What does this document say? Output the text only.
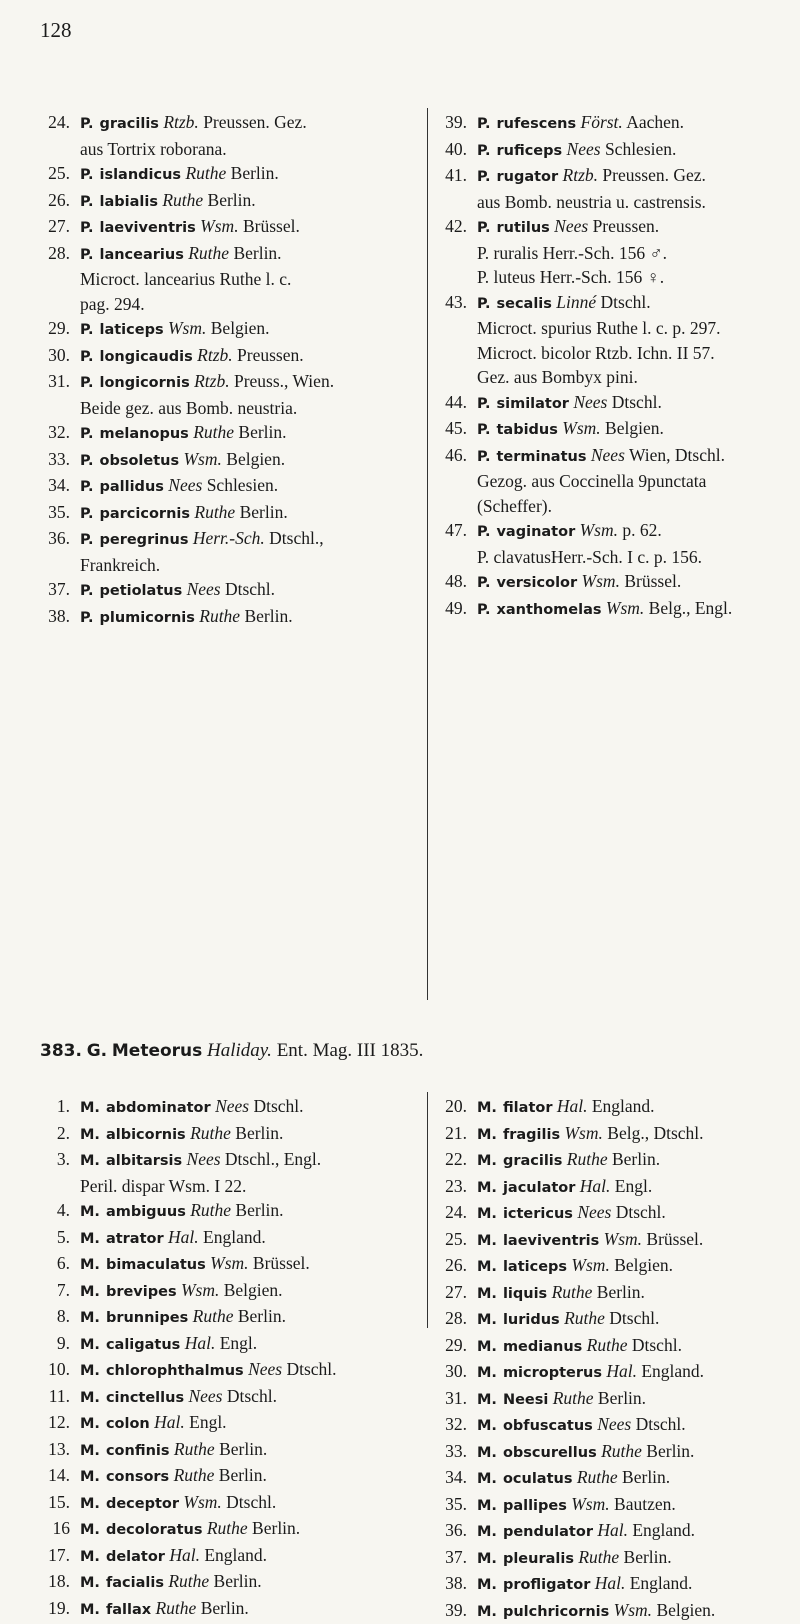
128
24. P. gracilis Rtzb. Preussen. Gez.
aus Tortrix roborana.
25. P. islandicus Ruthe Berlin.
26. P. labialis Ruthe Berlin.
27. P. laeviventris Wsm. Brüssel.
28. P. lancearius Ruthe Berlin.
Microct. lancearius Ruthe l. c.
pag. 294.
29. P. laticeps Wsm. Belgien.
30. P. longicaudis Rtzb. Preussen.
31. P. longicornis Rtzb. Preuss., Wien.
Beide gez. aus Bomb. neustria.
32. P. melanopus Ruthe Berlin.
33. P. obsoletus Wsm. Belgien.
34. P. pallidus Nees Schlesien.
35. P. parcicornis Ruthe Berlin.
36. P. peregrinus Herr.-Sch. Dtschl.,
Frankreich.
37. P. petiolatus Nees Dtschl.
38. P. plumicornis Ruthe Berlin.
39. P. rufescens Först. Aachen.
40. P. ruficeps Nees Schlesien.
41. P. rugator Rtzb. Preussen. Gez.
aus Bomb. neustria u. castrensis.
42. P. rutilus Nees Preussen.
P. ruralis Herr.-Sch. 156 ♂.
P. luteus Herr.-Sch. 156 ♀.
43. P. secalis Linné Dtschl.
Microct. spurius Ruthe l. c. p. 297.
Microct. bicolor Rtzb. Ichn. II 57.
Gez. aus Bombyx pini.
44. P. similator Nees Dtschl.
45. P. tabidus Wsm. Belgien.
46. P. terminatus Nees Wien, Dtschl.
Gezog. aus Coccinella 9punctata
(Scheffer).
47. P. vaginator Wsm. p. 62.
P. clavatusHerr.-Sch. I c. p. 156.
48. P. versicolor Wsm. Brüssel.
49. P. xanthomelas Wsm. Belg., Engl.
383. G. Meteorus Haliday. Ent. Mag. III 1835.
1. M. abdominator Nees Dtschl.
2. M. albicornis Ruthe Berlin.
3. M. albitarsis Nees Dtschl., Engl.
Peril. dispar Wsm. I 22.
4. M. ambiguus Ruthe Berlin.
5. M. atrator Hal. England.
6. M. bimaculatus Wsm. Brüssel.
7. M. brevipes Wsm. Belgien.
8. M. brunnipes Ruthe Berlin.
9. M. caligatus Hal. Engl.
10. M. chlorophthalmus Nees Dtschl.
11. M. cinctellus Nees Dtschl.
12. M. colon Hal. Engl.
13. M. confinis Ruthe Berlin.
14. M. consors Ruthe Berlin.
15. M. deceptor Wsm. Dtschl.
16 M. decoloratus Ruthe Berlin.
17. M. delator Hal. England.
18. M. facialis Ruthe Berlin.
19. M. fallax Ruthe Berlin.
20. M. filator Hal. England.
21. M. fragilis Wsm. Belg., Dtschl.
22. M. gracilis Ruthe Berlin.
23. M. jaculator Hal. Engl.
24. M. ictericus Nees Dtschl.
25. M. laeviventris Wsm. Brüssel.
26. M. laticeps Wsm. Belgien.
27. M. liquis Ruthe Berlin.
28. M. luridus Ruthe Dtschl.
29. M. medianus Ruthe Dtschl.
30. M. micropterus Hal. England.
31. M. Neesi Ruthe Berlin.
32. M. obfuscatus Nees Dtschl.
33. M. obscurellus Ruthe Berlin.
34. M. oculatus Ruthe Berlin.
35. M. pallipes Wsm. Bautzen.
36. M. pendulator Hal. England.
37. M. pleuralis Ruthe Berlin.
38. M. profligator Hal. England.
39. M. pulchricornis Wsm. Belgien.
